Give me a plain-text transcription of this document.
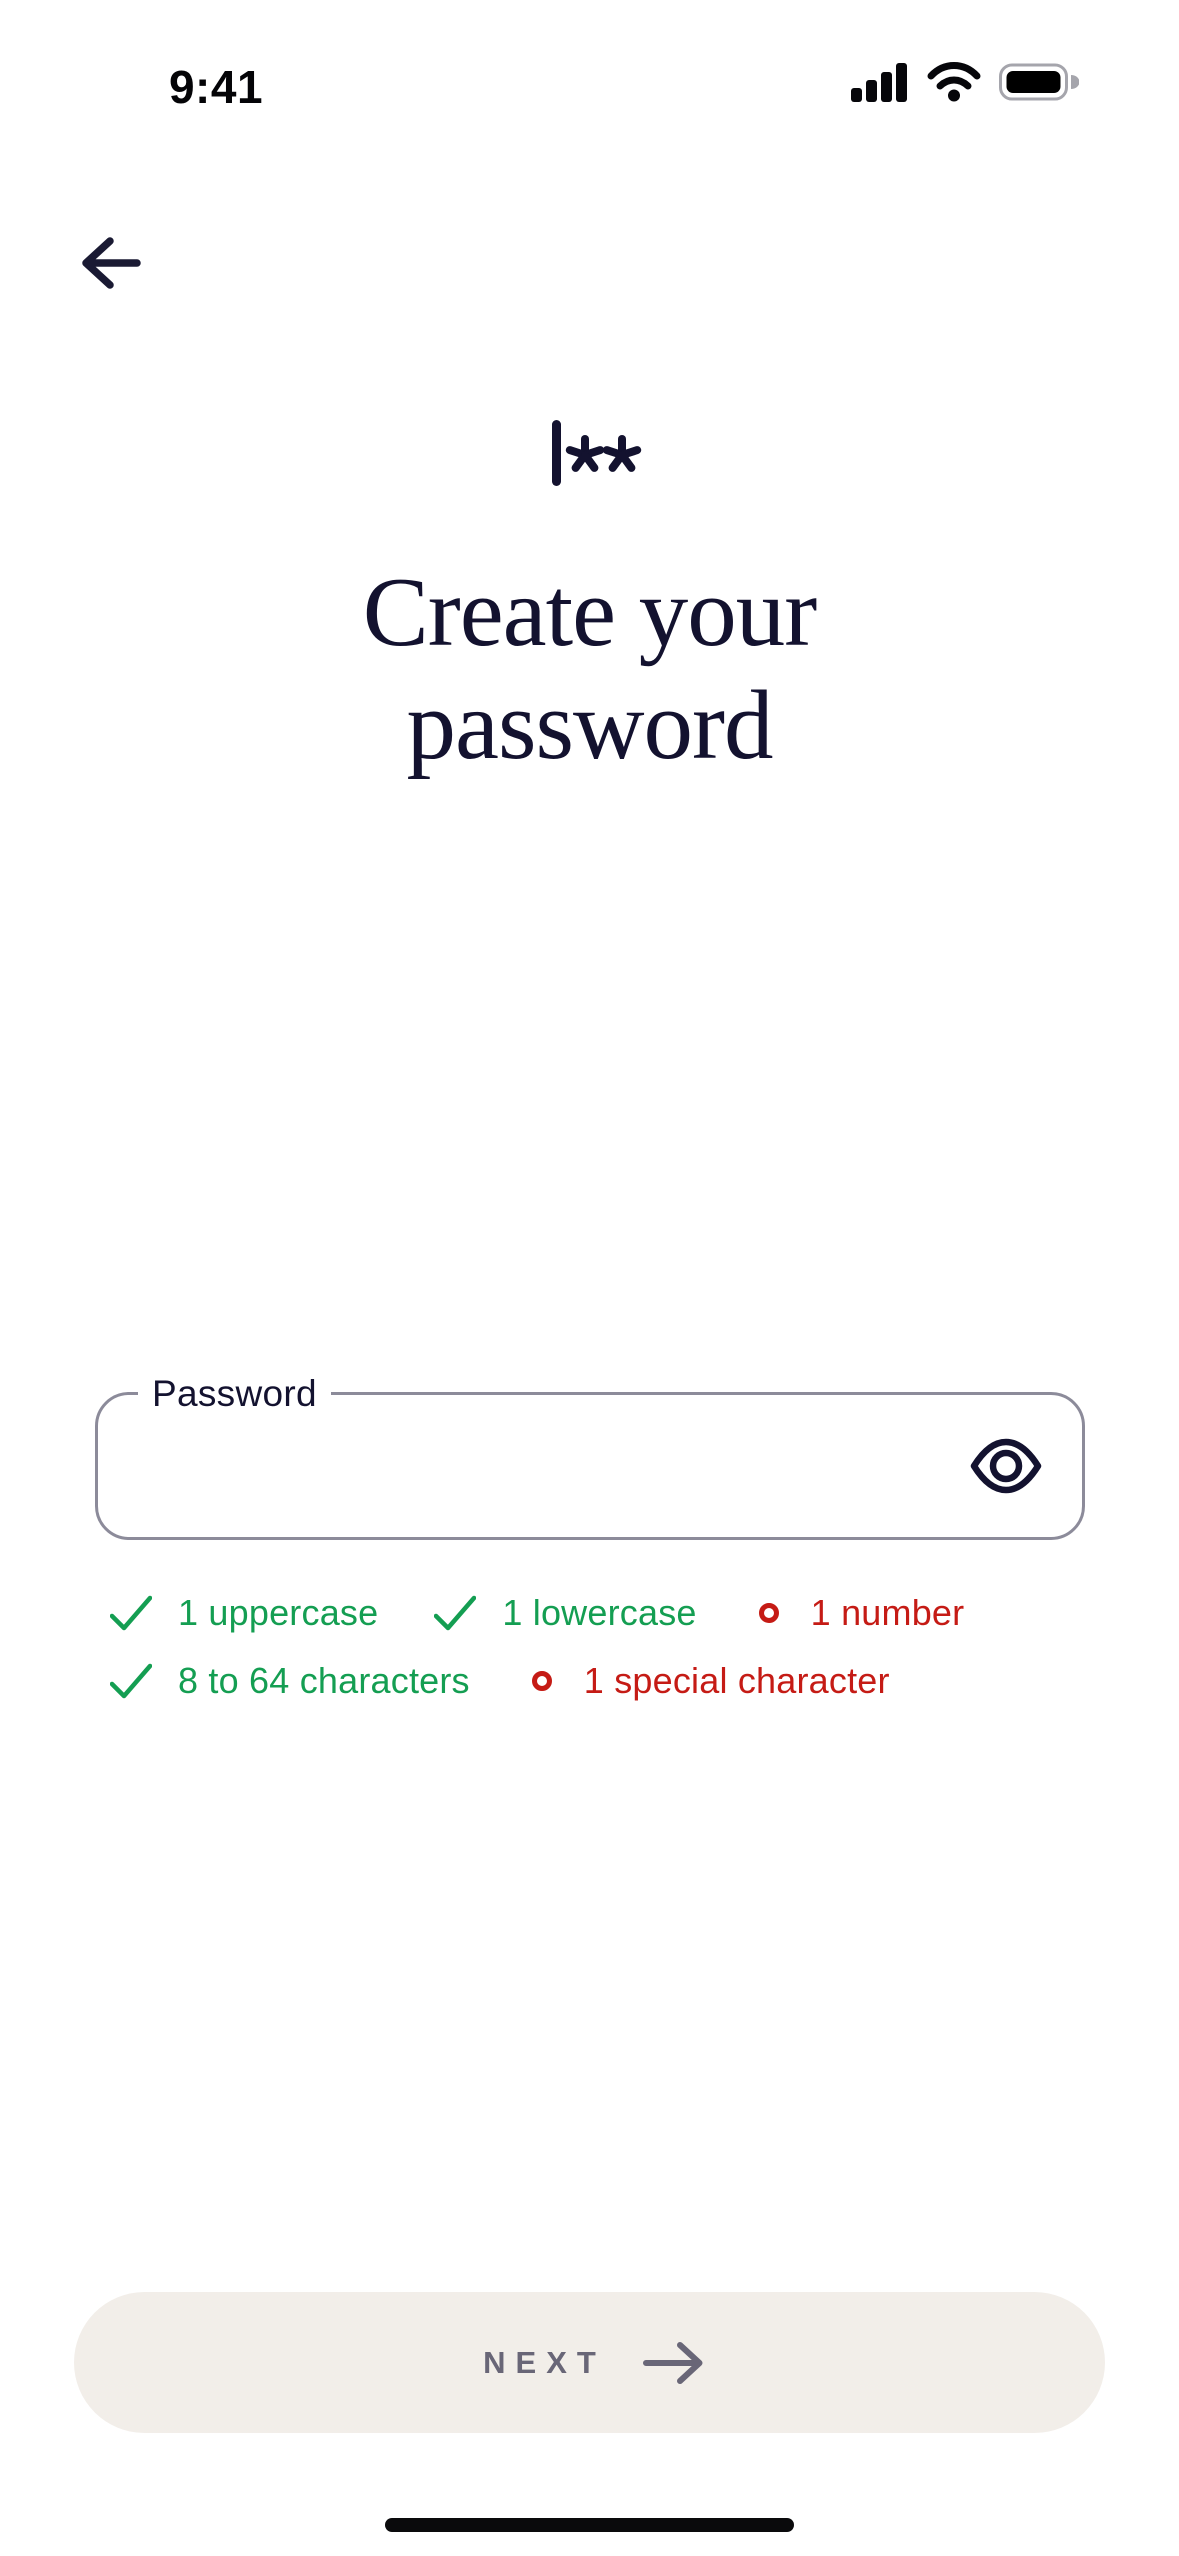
9:41
Create your
password
Password
1 uppercase	1 lowercase	1 number
8 to 64 characters	1 special character
NEXT
